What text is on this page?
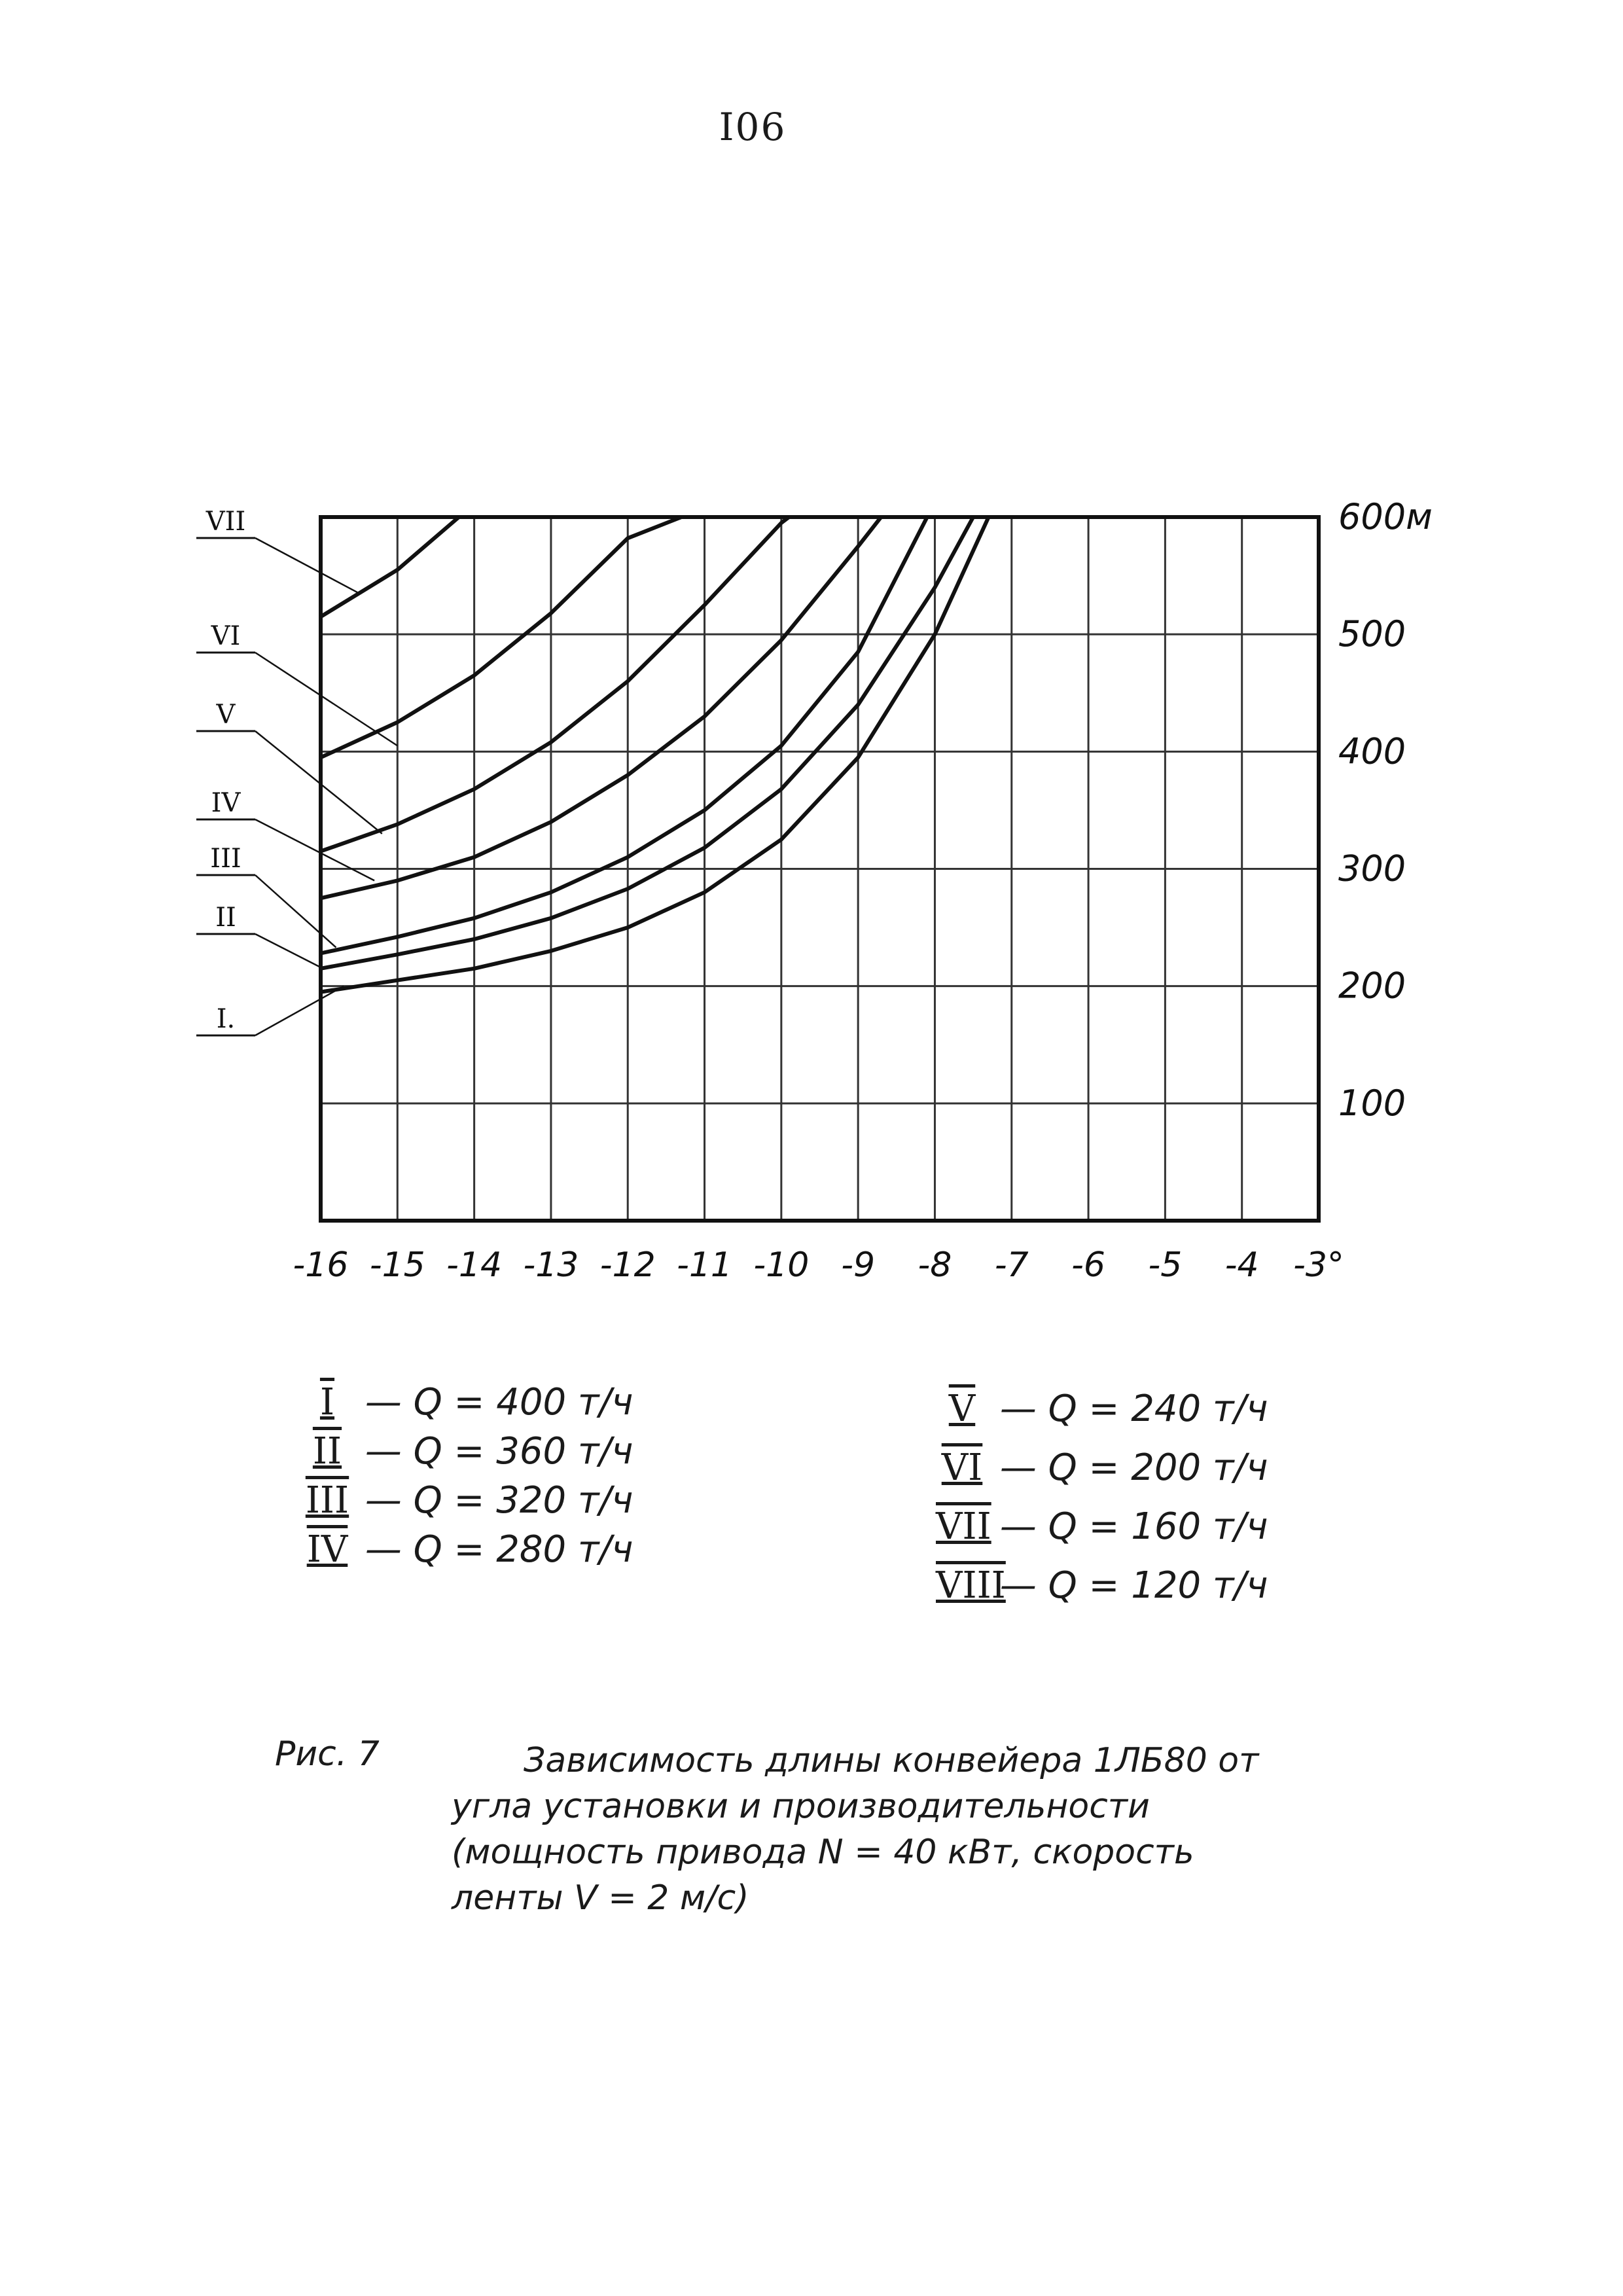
I06
-16 -15 -14 -13 -12 -11 -10 -9 -8 -7 -6 -5 -4 -3°
100
200
300
400
500
600м
VII
VI
V
IV
III
II
I.
I — Q = 400 т/ч
II — Q = 360 т/ч
III — Q = 320 т/ч
IV — Q = 280 т/ч
V — Q = 240 т/ч
VI — Q = 200 т/ч
VII — Q = 160 т/ч
VIII — Q = 120 т/ч
Рис. 7	Зависимость длины конвейера 1ЛБ80 от
угла установки и производительности
(мощность привода N = 40 кВт, скорость
ленты V = 2 м/с)
